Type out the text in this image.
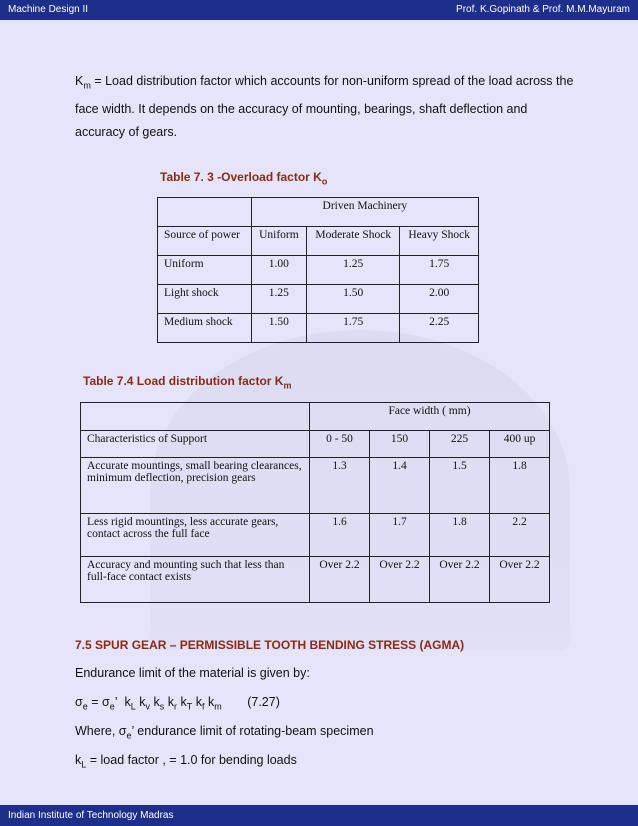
Machine Design II	Prof. K.Gopinath & Prof. M.M.Mayuram
$K_m$ = Load distribution factor which accounts for non-uniform spread of the load across the face width. It depends on the accuracy of mounting, bearings, shaft deflection and accuracy of gears.
Table 7. 3 -Overload factor $K_o$
	Driven Machinery		
Source of power	Uniform	Moderate Shock	Heavy Shock
Uniform	1.00	1.25	1.75
Light shock	1.25	1.50	2.00
Medium shock	1.50	1.75	2.25
Table 7.4 Load distribution factor $K_m$
	Face width ( mm)			
Characteristics of Support	0 - 50	150	225	400 up
Accurate mountings, small bearing clearances, minimum deflection, precision gears	1.3	1.4	1.5	1.8
Less rigid mountings, less accurate gears, contact across the full face	1.6	1.7	1.8	2.2
Accuracy and mounting such that less than full-face contact exists	Over 2.2	Over 2.2	Over 2.2	Over 2.2
7.5 SPUR GEAR – PERMISSIBLE TOOTH BENDING STRESS (AGMA)
Endurance limit of the material is given by:
$\sigma_e = \sigma_e$’ $k_L$ $k_v$ $k_s$ $k_r$ $k_T$ $k_f$ $k_m$ (7.27)
Where, $\sigma_e$’ endurance limit of rotating-beam specimen
$k_L$ = load factor , = 1.0 for bending loads
Indian Institute of Technology Madras
